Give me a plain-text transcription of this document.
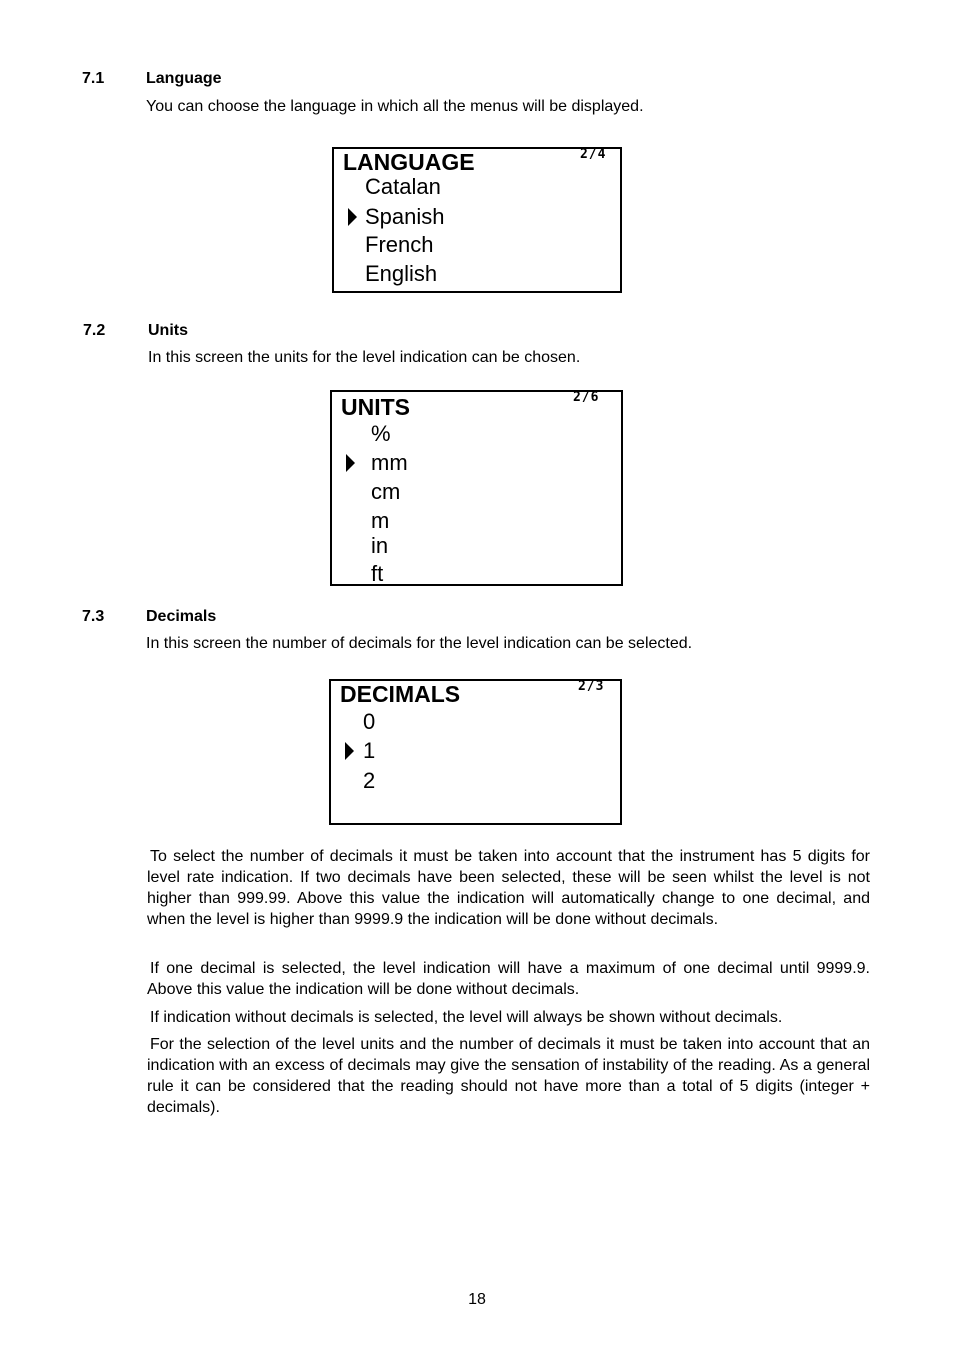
7.1	Language
You can choose the language in which all the menus will be displayed.
LANGUAGE	2/4
Catalan
Spanish
French
English
7.2	Units
In this screen the units for the level indication can be chosen.
UNITS	2/6
%
mm
cm
m
in
ft
7.3	Decimals
In this screen the number of decimals for the level indication can be selected.
DECIMALS	2/3
0
1
2

To select the number of decimals it must be taken into account that the instrument has 5 digits for level rate indication. If two decimals have been selected, these will be seen whilst the level is not higher than 999.99. Above this value the indication will automatically change to one decimal, and when the level is higher than 9999.9 the indication will be done without decimals.

If one decimal is selected, the level indication will have a maximum of one decimal until 9999.9. Above this value the indication will be done without decimals.

If indication without decimals is selected, the level will always be shown without decimals.

For the selection of the level units and the number of decimals it must be taken into account that an indication with an excess of decimals may give the sensation of instability of the reading. As a general rule it can be considered that the reading should not have more than a total of 5 digits (integer + decimals).

18
